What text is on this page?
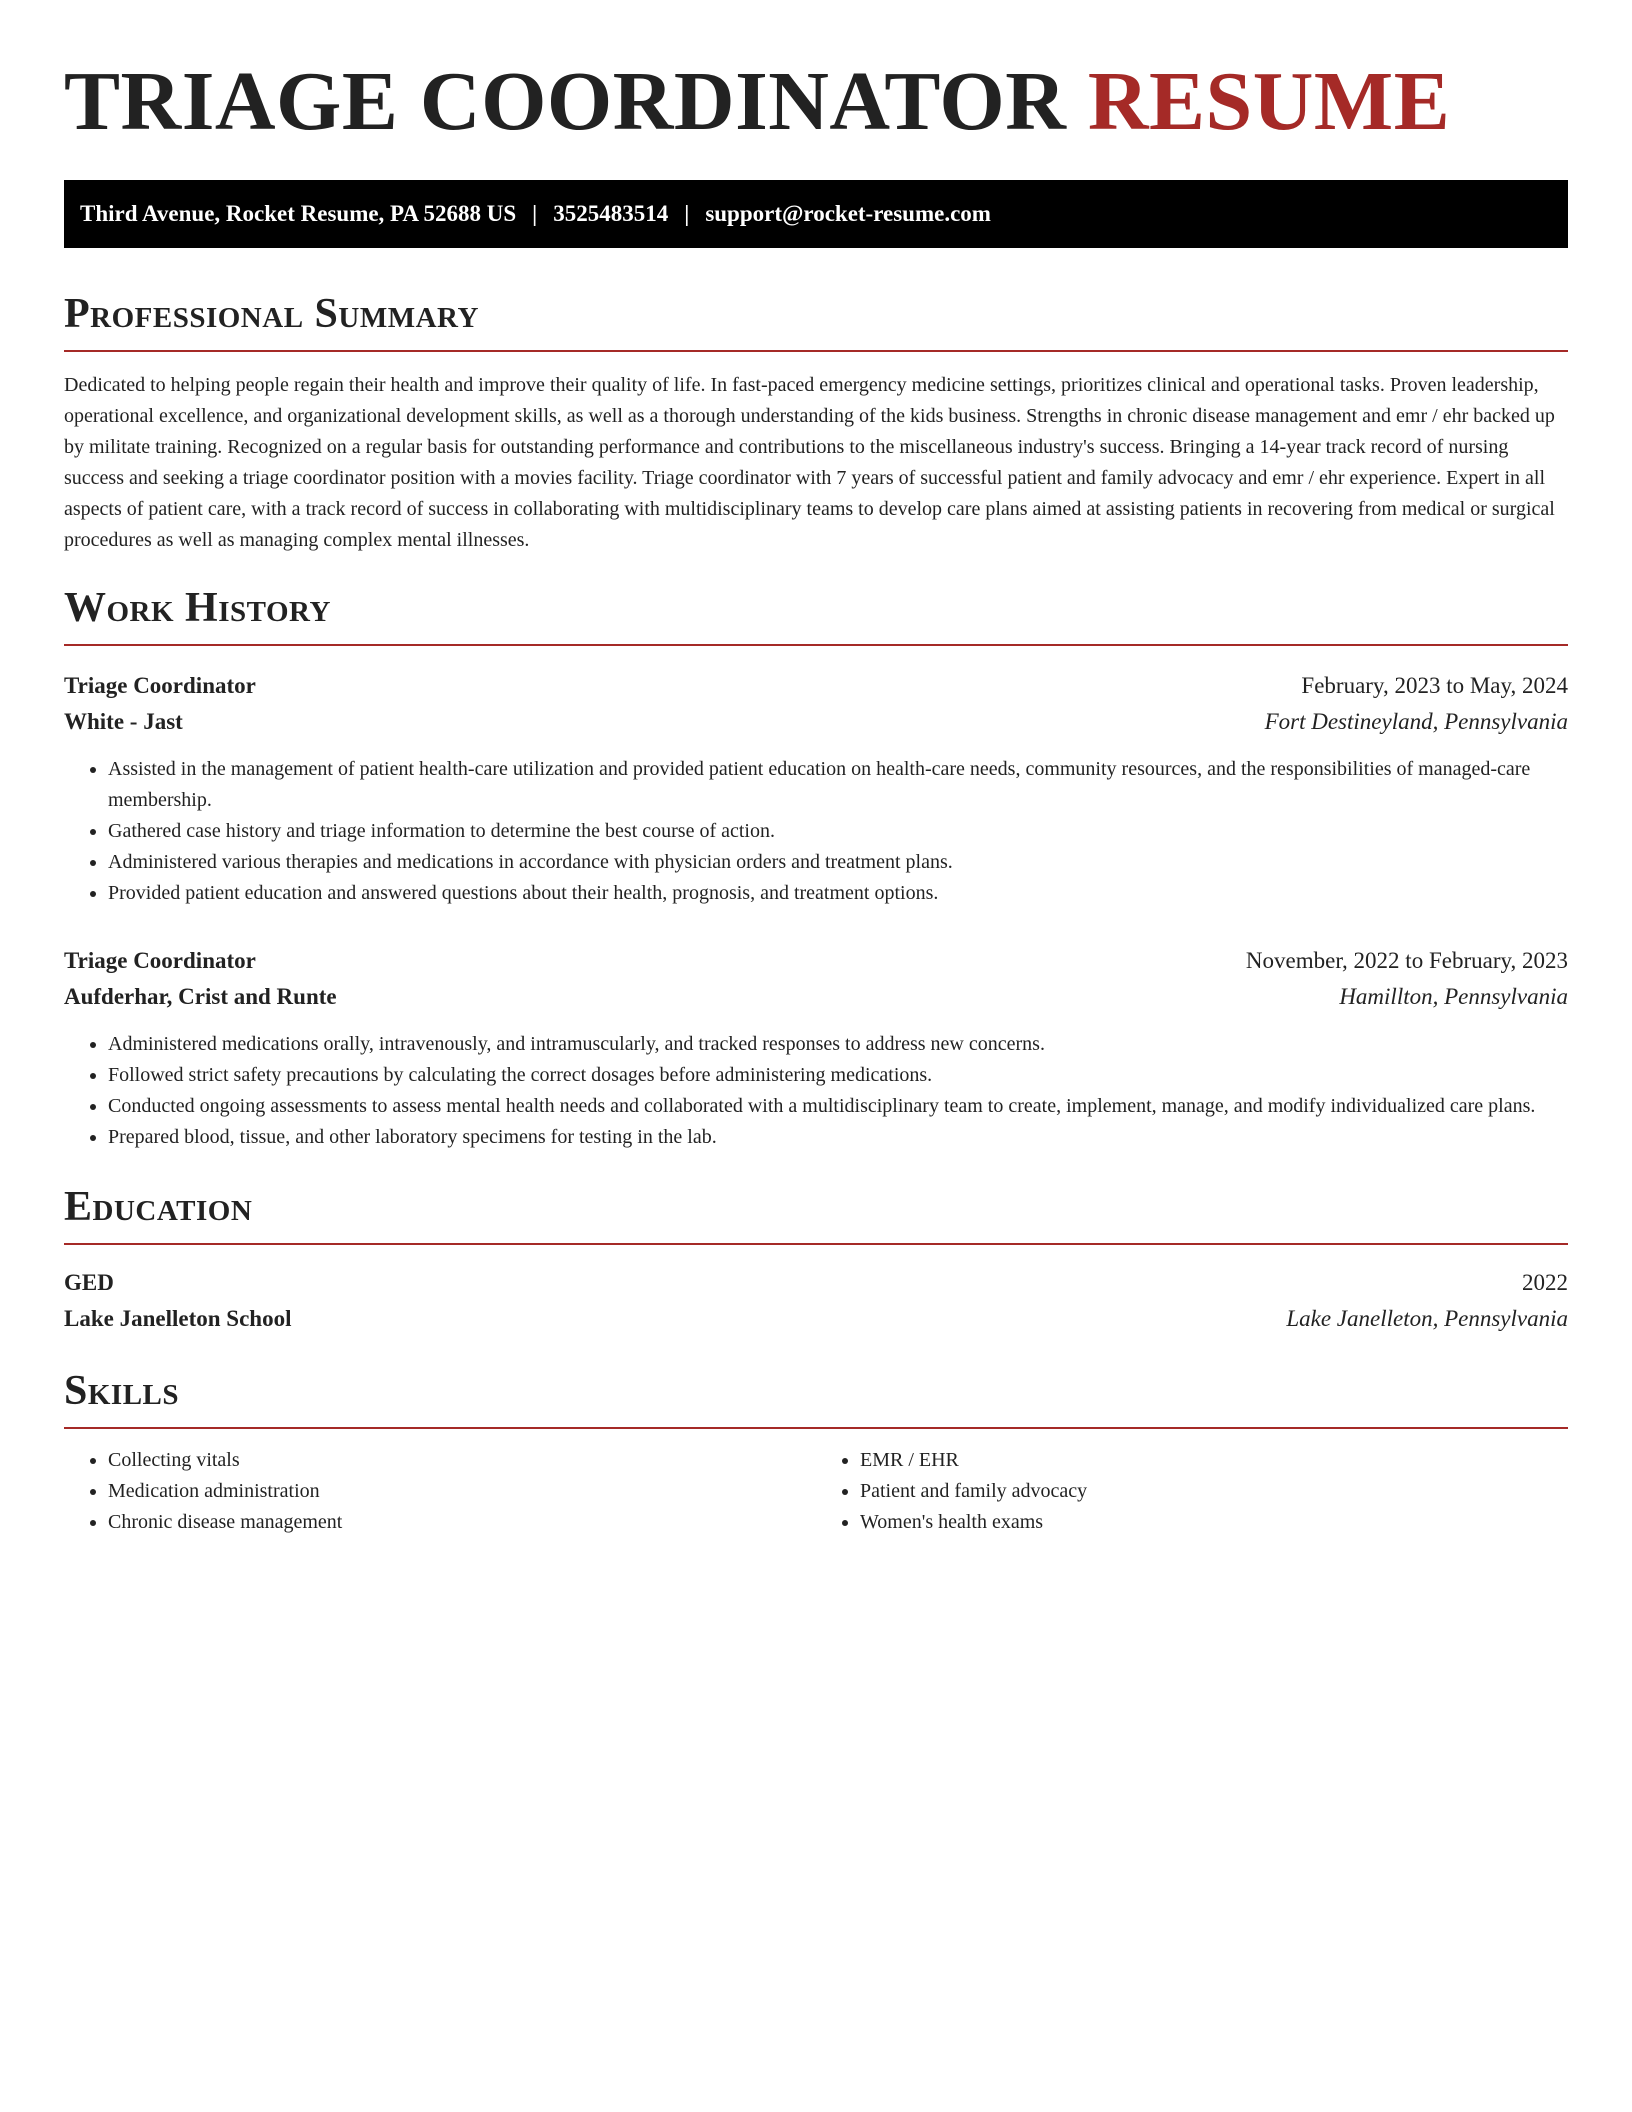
TRIAGE COORDINATOR RESUME
Third Avenue, Rocket Resume, PA 52688 US | 3525483514 | support@rocket-resume.com
Professional Summary

Dedicated to helping people regain their health and improve their quality of life. In fast-paced emergency medicine settings, prioritizes clinical and operational tasks. Proven leadership, operational excellence, and organizational development skills, as well as a thorough understanding of the kids business. Strengths in chronic disease management and emr / ehr backed up by militate training. Recognized on a regular basis for outstanding performance and contributions to the miscellaneous industry's success. Bringing a 14-year track record of nursing success and seeking a triage coordinator position with a movies facility. Triage coordinator with 7 years of successful patient and family advocacy and emr / ehr experience. Expert in all aspects of patient care, with a track record of success in collaborating with multidisciplinary teams to develop care plans aimed at assisting patients in recovering from medical or surgical procedures as well as managing complex mental illnesses.

Work History
Triage Coordinator	February, 2023 to May, 2024
White - Jast	Fort Destineyland, Pennsylvania
• Assisted in the management of patient health-care utilization and provided patient education on health-care needs, community resources, and the responsibilities of managed-care membership.
• Gathered case history and triage information to determine the best course of action.
• Administered various therapies and medications in accordance with physician orders and treatment plans.
• Provided patient education and answered questions about their health, prognosis, and treatment options.
Triage Coordinator	November, 2022 to February, 2023
Aufderhar, Crist and Runte	Hamillton, Pennsylvania
• Administered medications orally, intravenously, and intramuscularly, and tracked responses to address new concerns.
• Followed strict safety precautions by calculating the correct dosages before administering medications.
• Conducted ongoing assessments to assess mental health needs and collaborated with a multidisciplinary team to create, implement, manage, and modify individualized care plans.
• Prepared blood, tissue, and other laboratory specimens for testing in the lab.
Education
GED	2022
Lake Janelleton School	Lake Janelleton, Pennsylvania
Skills
• Collecting vitals
• Medication administration
• Chronic disease management
• EMR / EHR
• Patient and family advocacy
• Women's health exams
